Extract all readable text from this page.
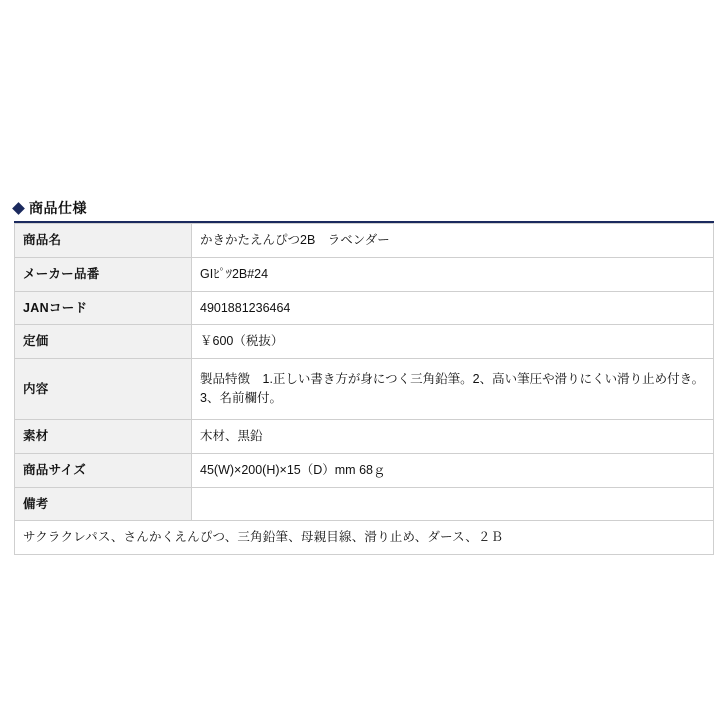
商品仕様
商品名	かきかたえんぴつ2B　ラベンダー
メーカー品番	GIﾋﾟﾂ2B#24
JANコード	4901881236464
定価	￥600（税抜）
内容	製品特徴　1.正しい書き方が身につく三角鉛筆。2、高い筆圧や滑りにくい滑り止め付き。3、名前欄付。
素材	木材、黒鉛
商品サイズ	45(W)×200(H)×15（D）mm 68ｇ
備考	
サクラクレパス、さんかくえんぴつ、三角鉛筆、母親目線、滑り止め、ダース、２Ｂ	
